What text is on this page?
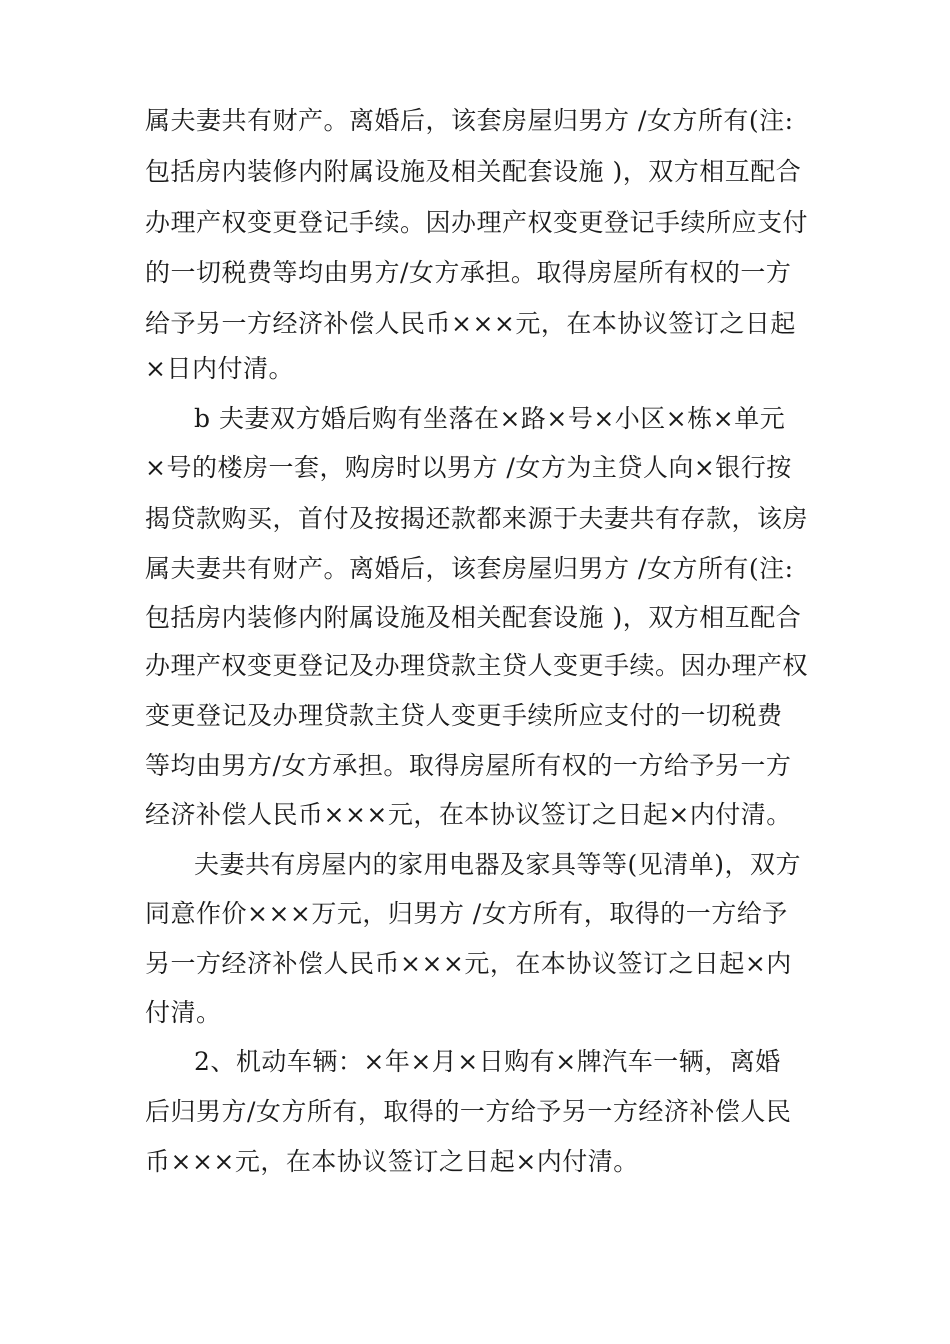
属夫妻共有财产。离婚后，该套房屋归男方 /女方所有(注:
包括房内装修内附属设施及相关配套设施 )，双方相互配合
办理产权变更登记手续。因办理产权变更登记手续所应支付
的一切税费等均由男方/女方承担。取得房屋所有权的一方
给予另一方经济补偿人民币×××元，在本协议签订之日起
×日内付清。
b 夫妻双方婚后购有坐落在×路×号×小区×栋×单元
×号的楼房一套，购房时以男方 /女方为主贷人向×银行按
揭贷款购买，首付及按揭还款都来源于夫妻共有存款，该房
属夫妻共有财产。离婚后，该套房屋归男方 /女方所有(注:
包括房内装修内附属设施及相关配套设施 )，双方相互配合
办理产权变更登记及办理贷款主贷人变更手续。因办理产权
变更登记及办理贷款主贷人变更手续所应支付的一切税费
等均由男方/女方承担。取得房屋所有权的一方给予另一方
经济补偿人民币×××元，在本协议签订之日起×内付清。
夫妻共有房屋内的家用电器及家具等等(见清单)，双方
同意作价×××万元，归男方 /女方所有，取得的一方给予
另一方经济补偿人民币×××元，在本协议签订之日起×内
付清。
2、机动车辆：×年×月×日购有×牌汽车一辆，离婚
后归男方/女方所有，取得的一方给予另一方经济补偿人民
币×××元，在本协议签订之日起×内付清。
